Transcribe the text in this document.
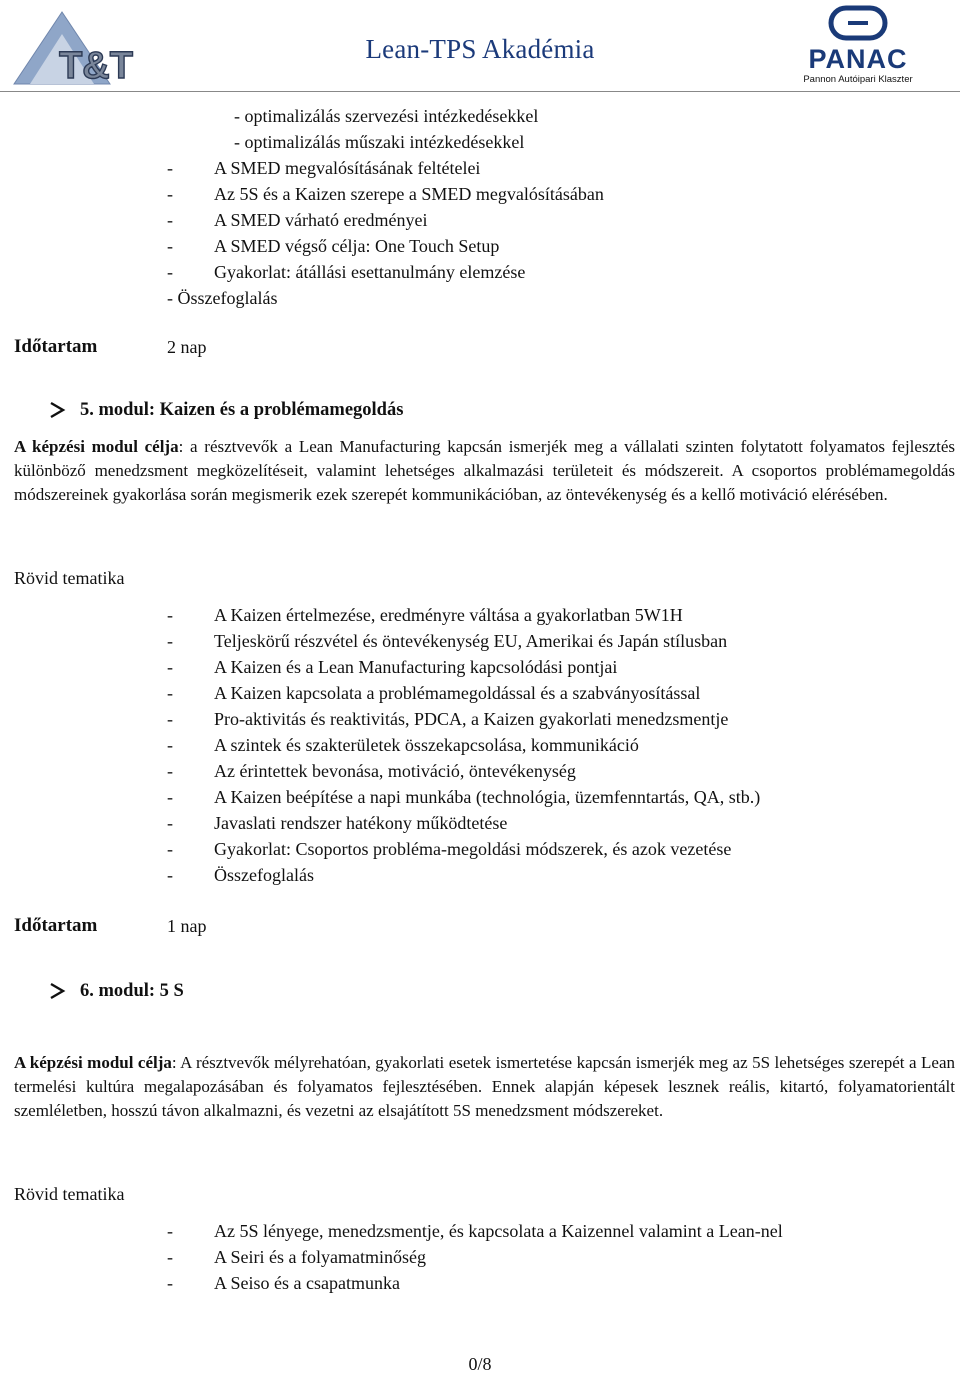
T&T	Lean-TPS Akadémia	PANAC
Pannon Autóipari Klaszter
- optimalizálás szervezési intézkedésekkel
- optimalizálás műszaki intézkedésekkel
- A SMED megvalósításának feltételei
- Az 5S és a Kaizen szerepe a SMED megvalósításában
- A SMED várható eredményei
- A SMED végső célja: One Touch Setup
- Gyakorlat: átállási esettanulmány elemzése
- Összefoglalás
Időtartam	2 nap
5. modul: Kaizen és a problémamegoldás
A képzési modul célja: a résztvevők a Lean Manufacturing kapcsán ismerjék meg a vállalati szinten folytatott folyamatos fejlesztés különböző menedzsment megközelítéseit, valamint lehetséges alkalmazási területeit és módszereit. A csoportos problémamegoldás módszereinek gyakorlása során megismerik ezek szerepét kommunikációban, az öntevékenység és a kellő motiváció elérésében.
Rövid tematika
- A Kaizen értelmezése, eredményre váltása a gyakorlatban 5W1H
- Teljeskörű részvétel és öntevékenység EU, Amerikai és Japán stílusban
- A Kaizen és a Lean Manufacturing kapcsolódási pontjai
- A Kaizen kapcsolata a problémamegoldással és a szabványosítással
- Pro-aktivitás és reaktivitás, PDCA, a Kaizen gyakorlati menedzsmentje
- A szintek és szakterületek összekapcsolása, kommunikáció
- Az érintettek bevonása, motiváció, öntevékenység
- A Kaizen beépítése a napi munkába (technológia, üzemfenntartás, QA, stb.)
- Javaslati rendszer hatékony működtetése
- Gyakorlat: Csoportos probléma-megoldási módszerek, és azok vezetése
- Összefoglalás
Időtartam	1 nap
6. modul: 5 S
A képzési modul célja: A résztvevők mélyrehatóan, gyakorlati esetek ismertetése kapcsán ismerjék meg az 5S lehetséges szerepét a Lean termelési kultúra megalapozásában és folyamatos fejlesztésében. Ennek alapján képesek lesznek reális, kitartó, folyamatorientált szemléletben, hosszú távon alkalmazni, és vezetni az elsajátított 5S menedzsment módszereket.
Rövid tematika
- Az 5S lényege, menedzsmentje, és kapcsolata a Kaizennel valamint a Lean-nel
- A Seiri és a folyamatminőség
- A Seiso és a csapatmunka
0/8
